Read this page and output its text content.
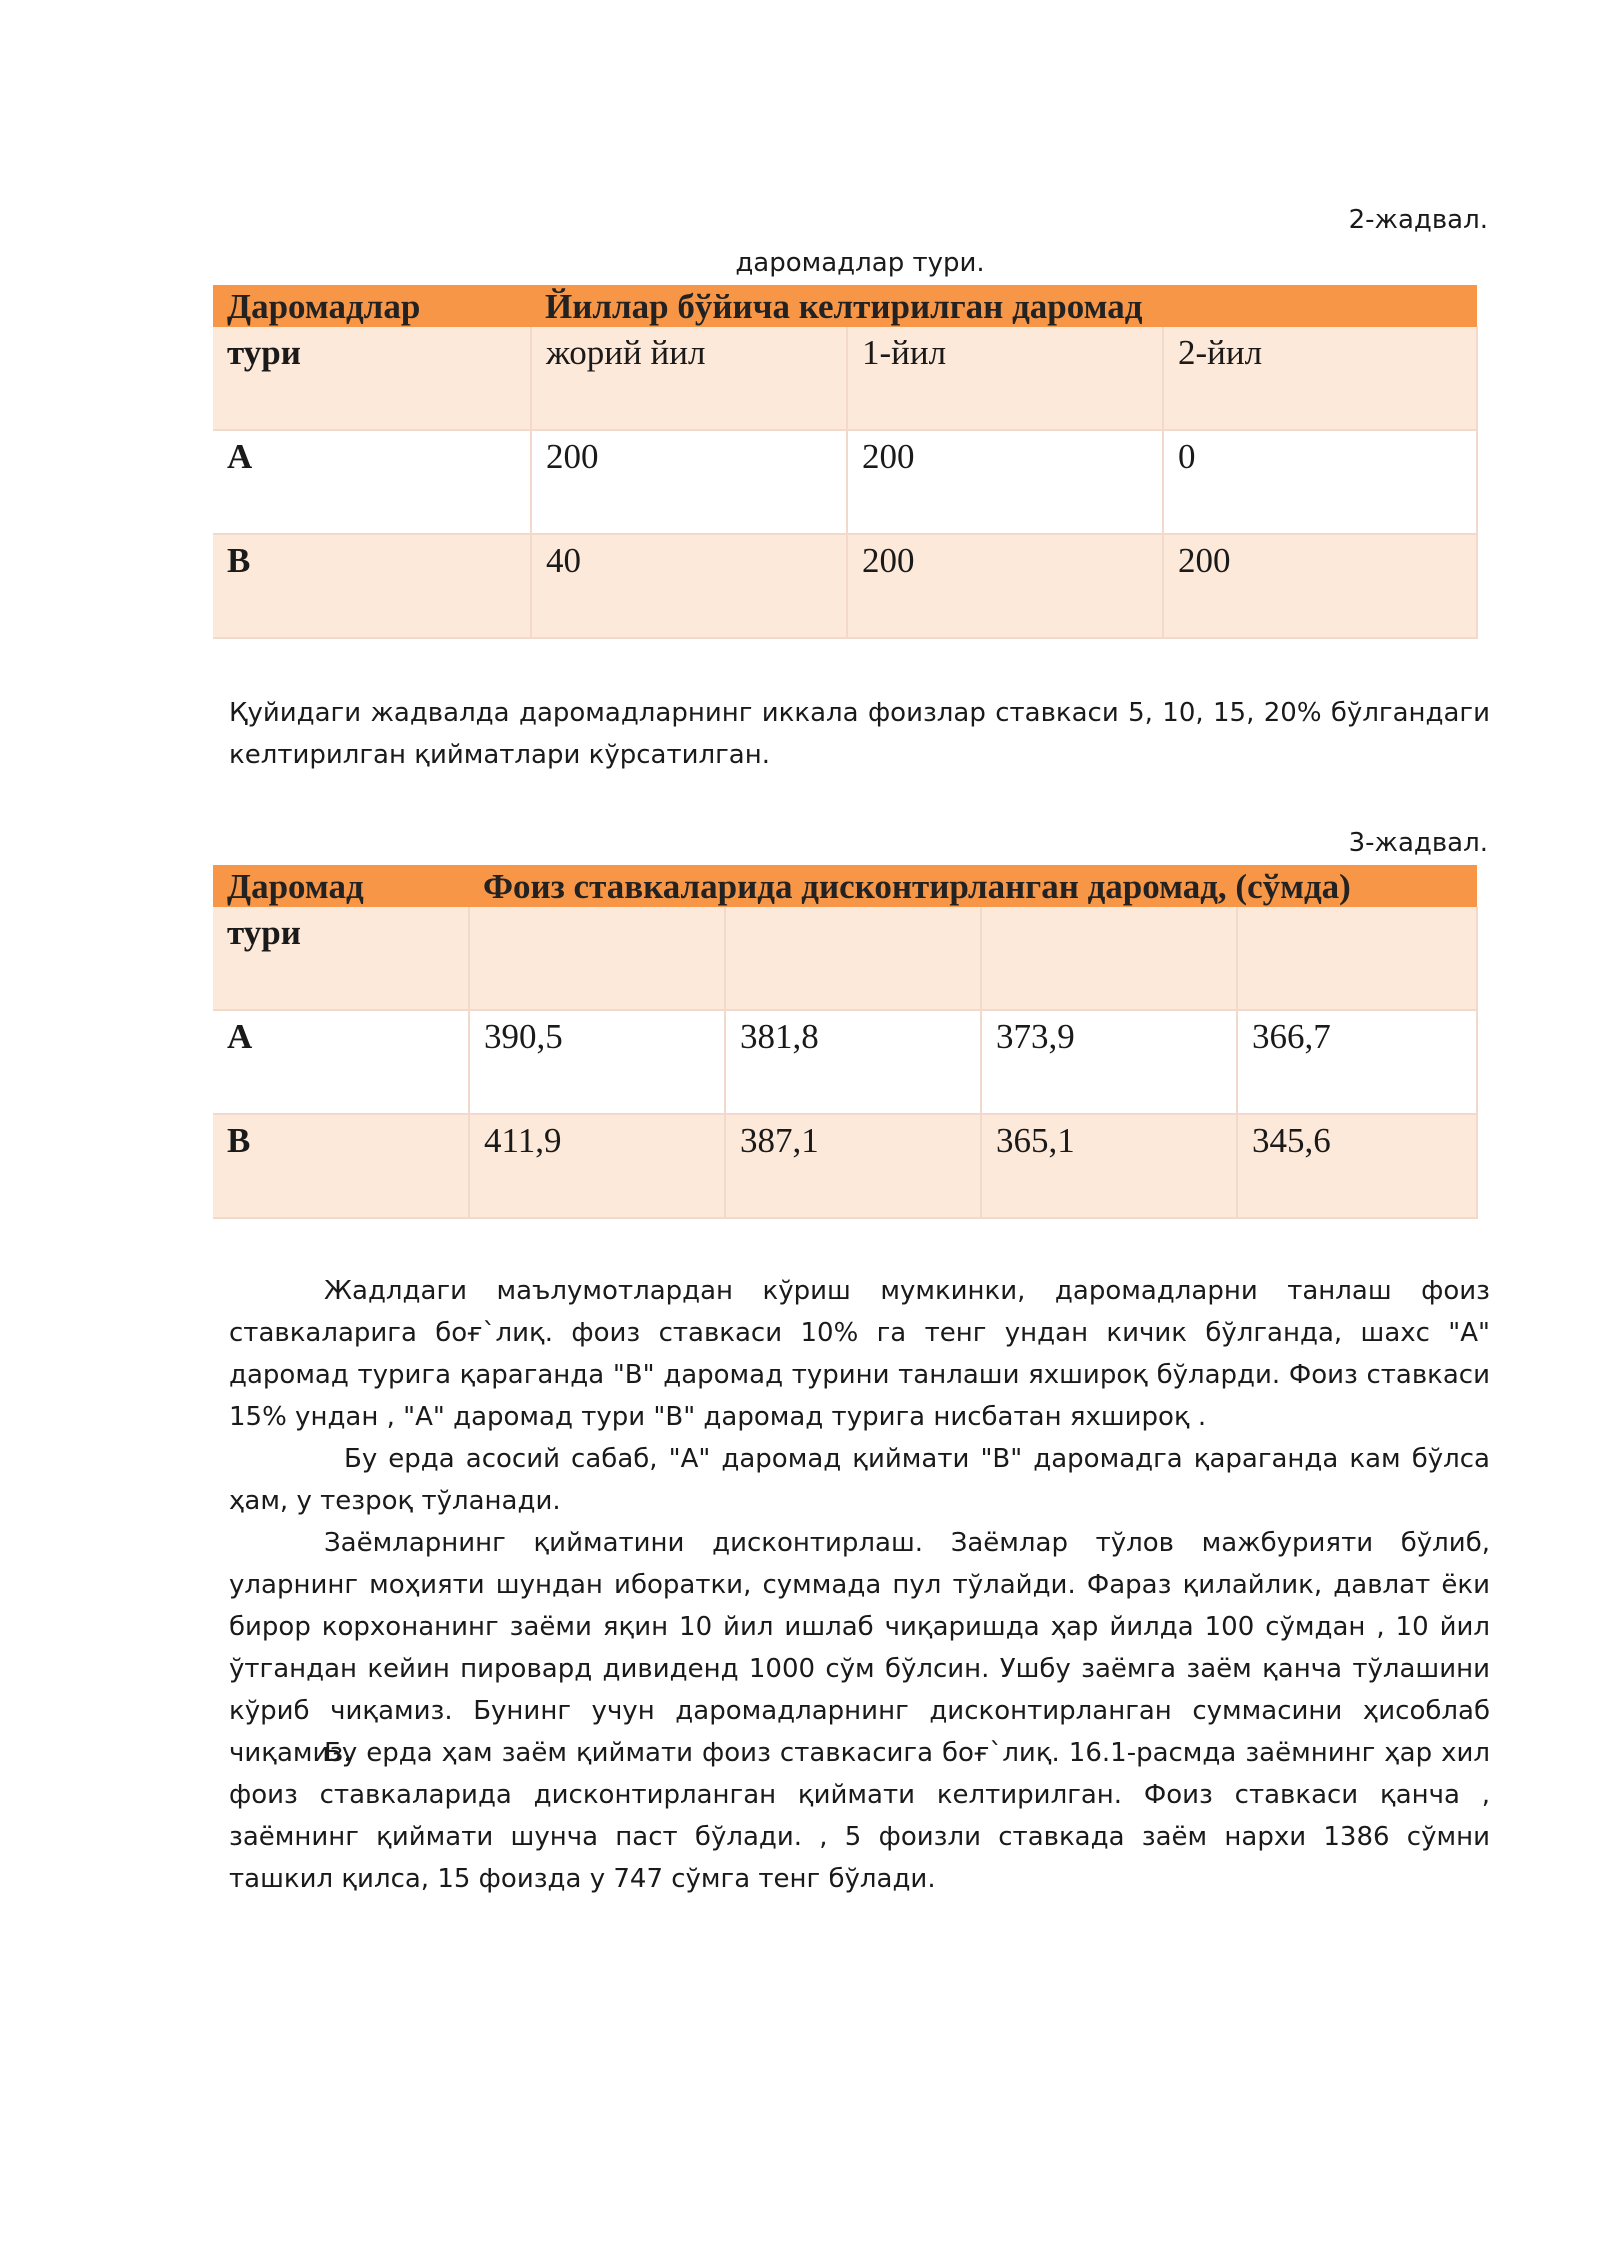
2-жадвал.
даромадлар тури.
Даромадлар	Йиллар бўйича келтирилган даромад		
тури	жорий йил	1-йил	2-йил
A	200	200	0
B	40	200	200
Қуйидаги жадвалда даромадларнинг иккала фоизлар ставкаси 5, 10, 15, 20% бўлгандаги келтирилган қийматлари кўрсатилган.
3-жадвал.
Даромад	Фоиз ставкаларида дисконтирланган даромад, (сўмда)			
тури				
A	390,5	381,8	373,9	366,7
B	411,9	387,1	365,1	345,6
Жадлдаги маълумотлардан кўриш мумкинки, даромадларни танлаш фоиз ставкаларига боғ`лиқ. фоиз ставкаси 10% га тенг ундан кичик бўлганда, шахс "A" даромад турига қараганда "B" даромад турини танлаши яхшироқ бўларди. Фоиз ставкаси 15% ундан , "A" даромад тури "B" даромад турига нисбатан яхшироқ .
Бу ерда асосий сабаб, "A" даромад қиймати "B" даромадга қараганда кам бўлса ҳам, у тезроқ тўланади.
Заёмларнинг қийматини дисконтирлаш. Заёмлар тўлов мажбурияти бўлиб, уларнинг моҳияти шундан иборатки, суммада пул тўлайди. Фараз қилайлик, давлат ёки бирор корхонанинг заёми яқин 10 йил ишлаб чиқаришда ҳар йилда 100 сўмдан , 10 йил ўтгандан кейин пировард дивиденд 1000 сўм бўлсин. Ушбу заёмга заём қанча тўлашини кўриб чиқамиз. Бунинг учун даромадларнинг дисконтирланган суммасини ҳисоблаб чиқамиз.
Бу ерда ҳам заём қиймати фоиз ставкасига боғ`лиқ. 16.1-расмда заёмнинг ҳар хил фоиз ставкаларида дисконтирланган қиймати келтирилган. Фоиз ставкаси қанча , заёмнинг қиймати шунча паст бўлади. , 5 фоизли ставкада заём нархи 1386 сўмни ташкил қилса, 15 фоизда у 747 сўмга тенг бўлади.
